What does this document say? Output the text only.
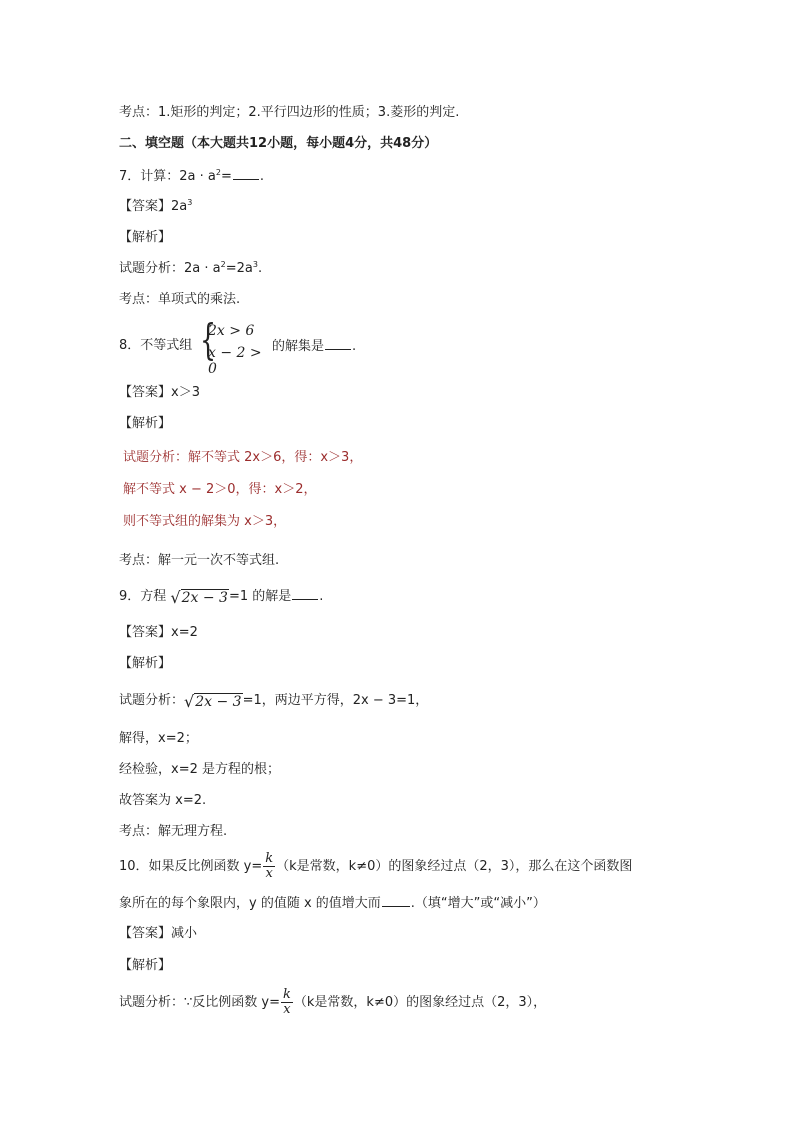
考点：1.矩形的判定；2.平行四边形的性质；3.菱形的判定.
二、填空题（本大题共12小题，每小题4分，共48分）
7．计算：$2a \cdot a^2=$ .
【答案】$2a^3$
【解析】
试题分析：$2a \cdot a^2=2a^3$.
考点：单项式的乘法.
8．不等式组 {
2x > 6
x − 2 > 0
的解集是 .
【答案】x＞3
【解析】
试题分析：解不等式 2x＞6，得：x＞3，
解不等式 x − 2＞0，得：x＞2，
则不等式组的解集为 x＞3，
考点：解一元一次不等式组.
9．方程 √ 2x − 3 =1 的解是 .
【答案】x=2
【解析】
试题分析： √ 2x − 3 =1，两边平方得，2x − 3=1，
解得，x=2；
经检验，x=2 是方程的根；
故答案为 x=2.
考点：解无理方程.
10．如果反比例函数 $y= \frac{k}{x} (k$是常数，k≠0）的图象经过点（2，3），那么在这个函数图
象所在的每个象限内，y 的值随 x 的值增大而 .（填“增大”或“减小”）
【答案】减小
【解析】
试题分析：∵反比例函数 $y= \frac{k}{x} (k$是常数，k≠0）的图象经过点（2，3），
